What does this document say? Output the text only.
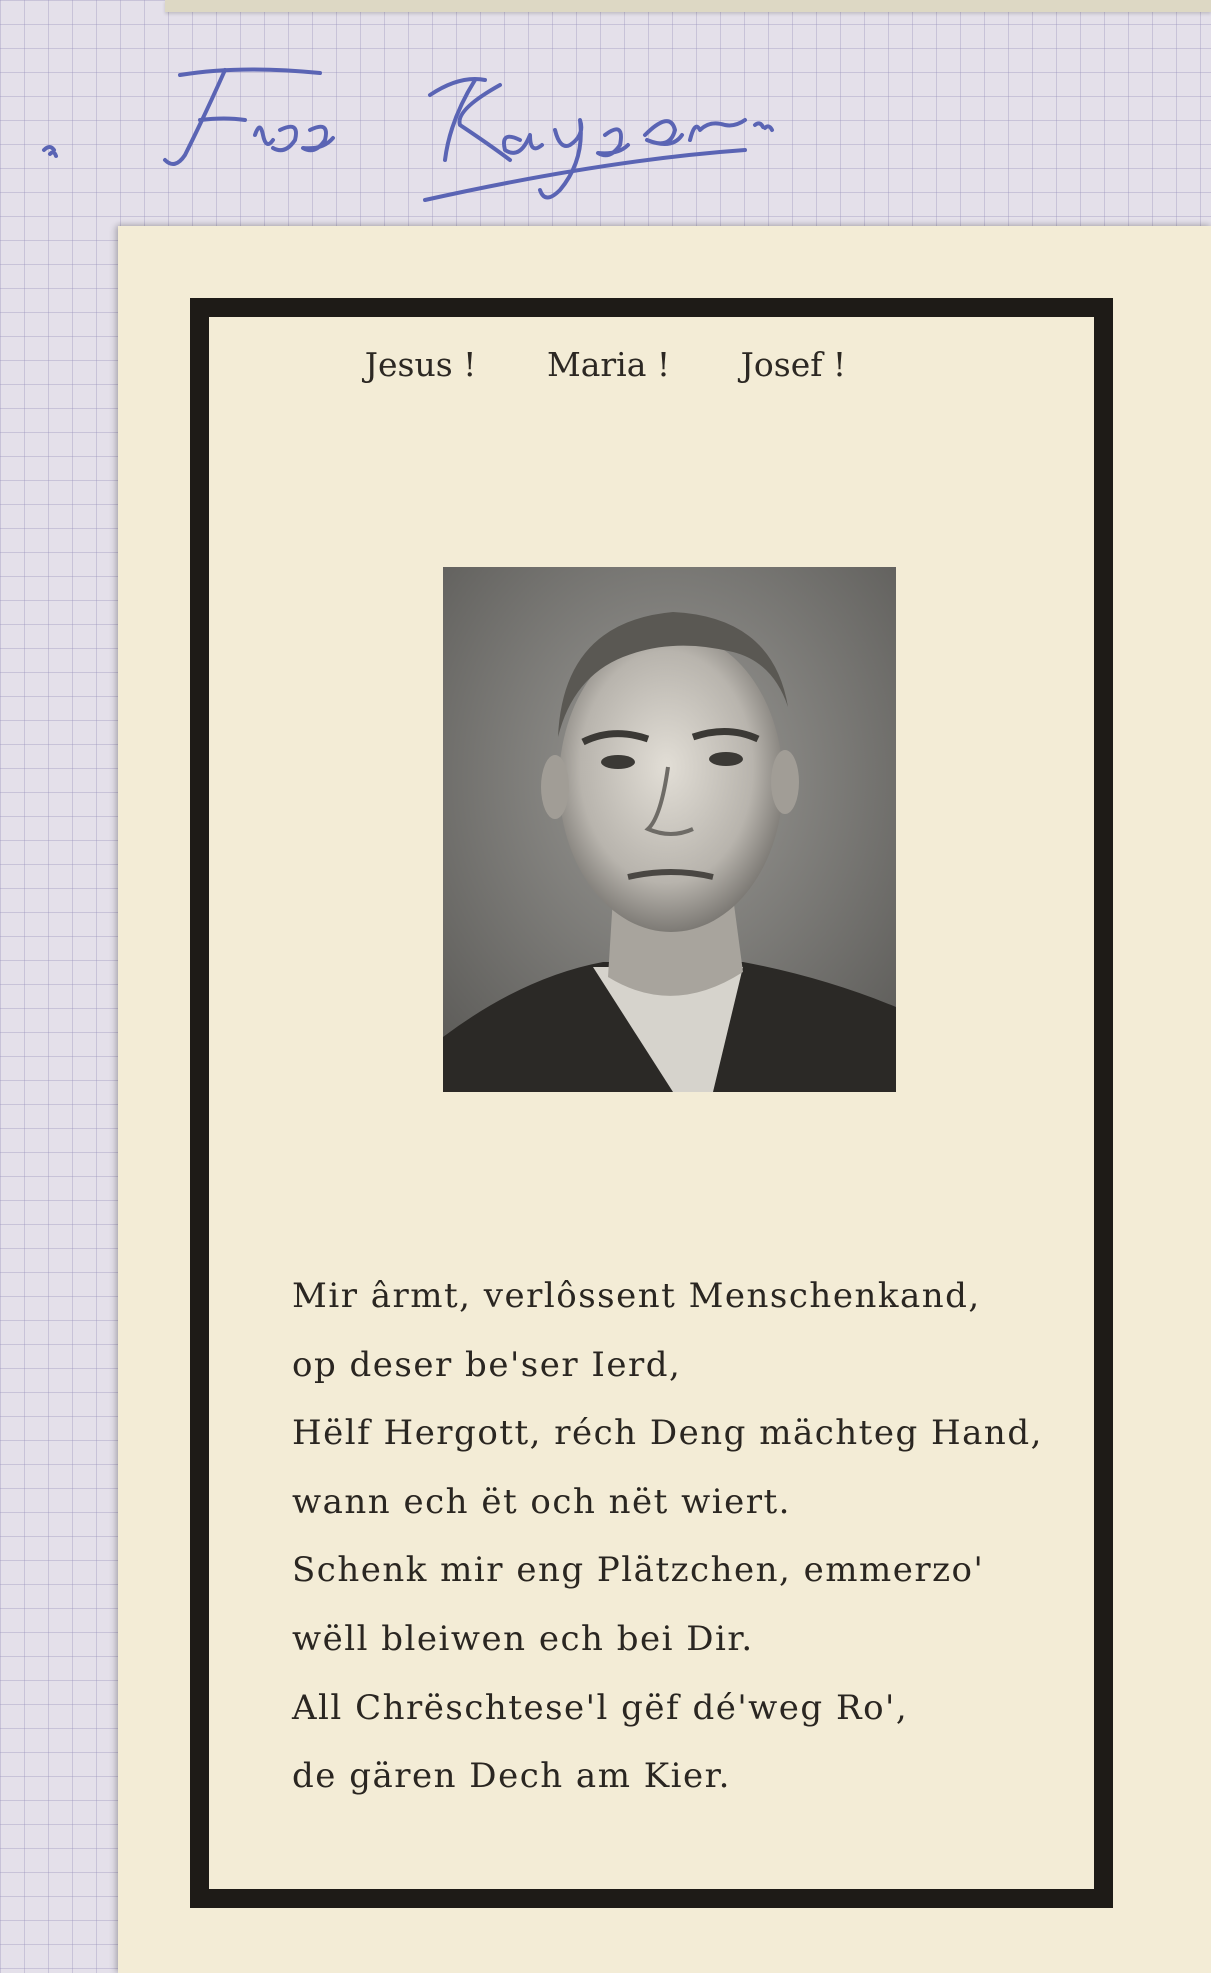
Jesus ! Maria ! Josef !
Mir ârmt, verlôssent Menschenkand,
op deser be'ser Ierd,
Hëlf Hergott, réch Deng mächteg Hand,
wann ech ët och nët wiert.
Schenk mir eng Plätzchen, emmerzo'
wëll bleiwen ech bei Dir.
All Chrëschtese'l gëf dé'weg Ro',
de gären Dech am Kier.
